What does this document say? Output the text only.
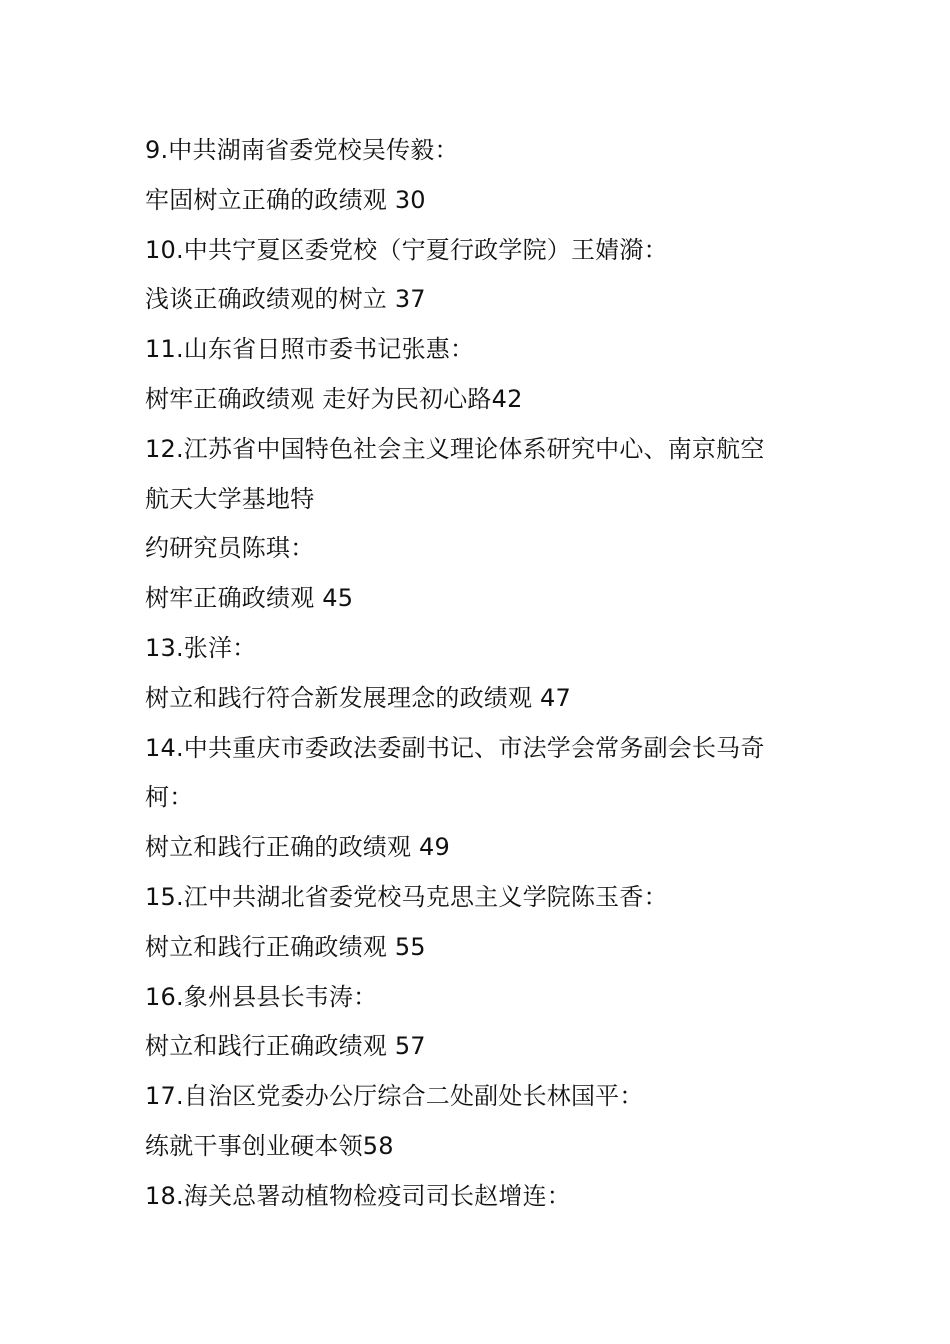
9.中共湖南省委党校吴传毅：
牢固树立正确的政绩观 30
10.中共宁夏区委党校（宁夏行政学院）王婧漪：
浅谈正确政绩观的树立 37
11.山东省日照市委书记张惠：
树牢正确政绩观 走好为民初心路42
12.江苏省中国特色社会主义理论体系研究中心、南京航空
航天大学基地特
约研究员陈琪：
树牢正确政绩观 45
13.张洋：
树立和践行符合新发展理念的政绩观 47
14.中共重庆市委政法委副书记、市法学会常务副会长马奇
柯：
树立和践行正确的政绩观 49
15.江中共湖北省委党校马克思主义学院陈玉香：
树立和践行正确政绩观 55
16.象州县县长韦涛：
树立和践行正确政绩观 57
17.自治区党委办公厅综合二处副处长林国平：
练就干事创业硬本领58
18.海关总署动植物检疫司司长赵增连：
